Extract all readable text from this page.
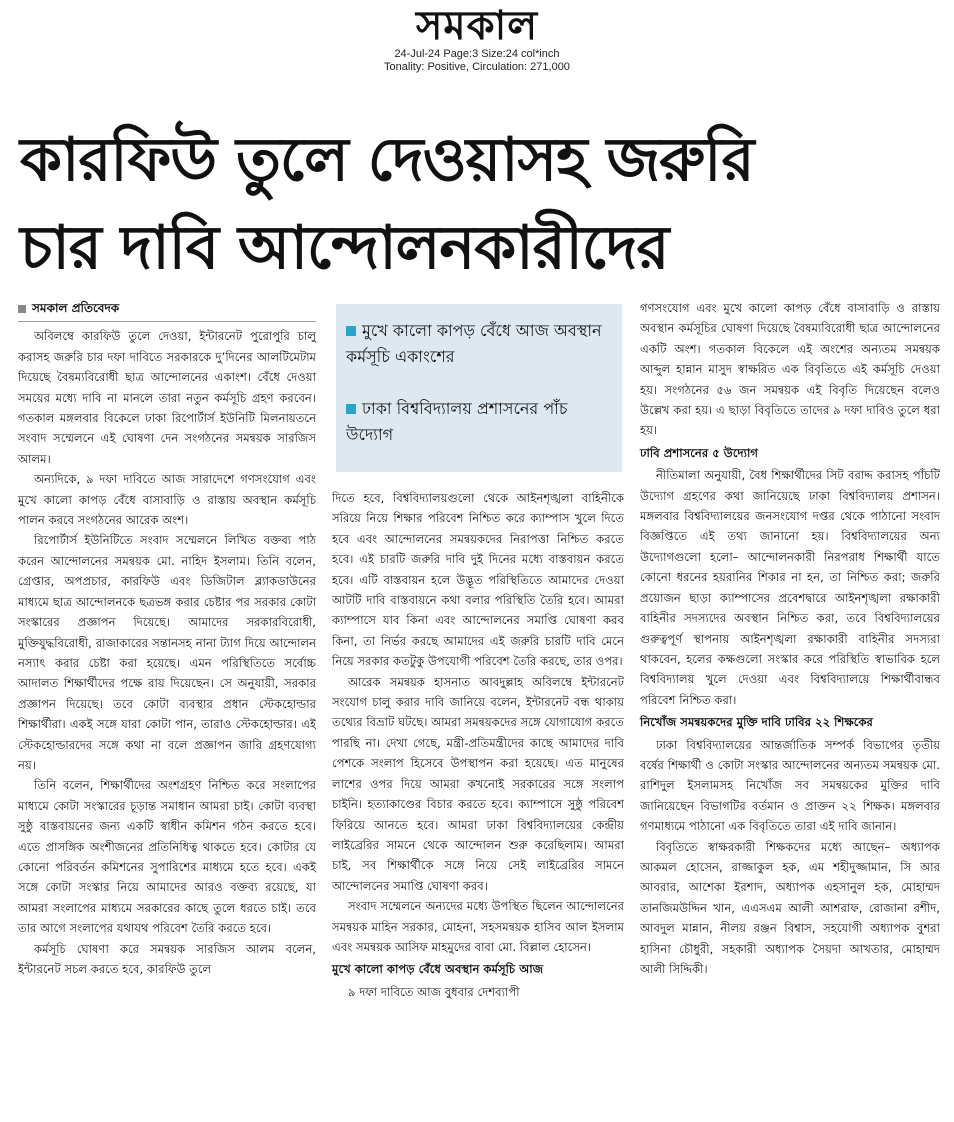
সমকাল
24-Jul-24 Page:3 Size:24 col*inch
Tonality: Positive, Circulation: 271,000
কারফিউ তুলে দেওয়াসহ জরুরি
চার দাবি আন্দোলনকারীদের
সমকাল প্রতিবেদক

অবিলম্বে কারফিউ তুলে দেওয়া, ইন্টারনেট পুরোপুরি চালু করাসহ জরুরি চার দফা দাবিতে সরকারকে দু’দিনের আলটিমেটাম দিয়েছে বৈষম্যবিরোধী ছাত্র আন্দোলনের একাংশ। বেঁধে দেওয়া সময়ের মধ্যে দাবি না মানলে তারা নতুন কর্মসূচি গ্রহণ করবেন। গতকাল মঙ্গলবার বিকেলে ঢাকা রিপোর্টার্স ইউনিটি মিলনায়তনে সংবাদ সম্মেলনে এই ঘোষণা দেন সংগঠনের সমন্বয়ক সারজিস আলম।

অন্যদিকে, ৯ দফা দাবিতে আজ সারাদেশে গণসংযোগ এবং মুখে কালো কাপড় বেঁধে বাসাবাড়ি ও রাস্তায় অবস্থান কর্মসূচি পালন করবে সংগঠনের আরেক অংশ।

রিপোর্টার্স ইউনিটিতে সংবাদ সম্মেলনে লিখিত বক্তব্য পাঠ করেন আন্দোলনের সমন্বয়ক মো. নাহিদ ইসলাম। তিনি বলেন, গ্রেপ্তার, অপপ্রচার, কারফিউ এবং ডিজিটাল ব্ল্যাকডাউনের মাধ্যমে ছাত্র আন্দোলনকে ছত্রভঙ্গ করার চেষ্টার পর সরকার কোটা সংস্কারের প্রজ্ঞাপন দিয়েছে। আমাদের সরকারবিরোধী, মুক্তিযুদ্ধবিরোধী, রাজাকারের সন্তানসহ নানা ট্যাগ দিয়ে আন্দোলন নস্যাৎ করার চেষ্টা করা হয়েছে। এমন পরিস্থিতিতে সর্বোচ্চ আদালত শিক্ষার্থীদের পক্ষে রায় দিয়েছেন। সে অনুযায়ী, সরকার প্রজ্ঞাপন দিয়েছে। তবে কোটা ব্যবস্থার প্রধান স্টেকহোল্ডার শিক্ষার্থীরা। একই সঙ্গে যারা কোটা পান, তারাও স্টেকহোল্ডার। এই স্টেকহোল্ডারদের সঙ্গে কথা না বলে প্রজ্ঞাপন জারি গ্রহণযোগ্য নয়।

তিনি বলেন, শিক্ষার্থীদের অংশগ্রহণ নিশ্চিত করে সংলাপের মাধ্যমে কোটা সংস্কারের চূড়ান্ত সমাধান আমরা চাই। কোটা ব্যবস্থা সুষ্ঠু বাস্তবায়নের জন্য একটি স্বাধীন কমিশন গঠন করতে হবে। এতে প্রাসঙ্গিক অংশীজনের প্রতিনিধিত্ব থাকতে হবে। কোটার যে কোনো পরিবর্তন কমিশনের সুপারিশের মাধ্যমে হতে হবে। একই সঙ্গে কোটা সংস্কার নিয়ে আমাদের আরও বক্তব্য রয়েছে, যা আমরা সংলাপের মাধ্যমে সরকারের কাছে তুলে ধরতে চাই। তবে তার আগে সংলাপের যথাযথ পরিবেশ তৈরি করতে হবে।

কর্মসূচি ঘোষণা করে সমন্বয়ক সারজিস আলম বলেন, ইন্টারনেট সচল করতে হবে, কারফিউ তুলে

মুখে কালো কাপড় বেঁধে আজ অবস্থান কর্মসূচি একাংশের
ঢাকা বিশ্ববিদ্যালয় প্রশাসনের পাঁচ উদ্যোগ

দিতে হবে, বিশ্ববিদ্যালয়গুলো থেকে আইনশৃঙ্খলা বাহিনীকে সরিয়ে নিয়ে শিক্ষার পরিবেশ নিশ্চিত করে ক্যাম্পাস খুলে দিতে হবে এবং আন্দোলনের সমন্বয়কদের নিরাপত্তা নিশ্চিত করতে হবে। এই চারটি জরুরি দাবি দুই দিনের মধ্যে বাস্তবায়ন করতে হবে। এটি বাস্তবায়ন হলে উদ্ভূত পরিস্থিতিতে আমাদের দেওয়া আটটি দাবি বাস্তবায়নে কথা বলার পরিস্থিতি তৈরি হবে। আমরা ক্যাম্পাসে যাব কিনা এবং আন্দোলনের সমাপ্তি ঘোষণা করব কিনা, তা নির্ভর করছে আমাদের এই জরুরি চারটি দাবি মেনে নিয়ে সরকার কতটুকু উপযোগী পরিবেশ তৈরি করছে, তার ওপর।

আরেক সমন্বয়ক হাসনাত আবদুল্লাহ অবিলম্বে ইন্টারনেট সংযোগ চালু করার দাবি জানিয়ে বলেন, ইন্টারনেট বন্ধ থাকায় তথ্যের বিভ্রাট ঘটছে। আমরা সমন্বয়কদের সঙ্গে যোগাযোগ করতে পারছি না। দেখা গেছে, মন্ত্রী-প্রতিমন্ত্রীদের কাছে আমাদের দাবি পেশকে সংলাপ হিসেবে উপস্থাপন করা হয়েছে। এত মানুষের লাশের ওপর দিয়ে আমরা কখনোই সরকারের সঙ্গে সংলাপ চাইনি। হত্যাকাণ্ডের বিচার করতে হবে। ক্যাম্পাসে সুষ্ঠু পরিবেশ ফিরিয়ে আনতে হবে। আমরা ঢাকা বিশ্ববিদ্যালয়ের কেন্দ্রীয় লাইব্রেরির সামনে থেকে আন্দোলন শুরু করেছিলাম। আমরা চাই, সব শিক্ষার্থীকে সঙ্গে নিয়ে সেই লাইব্রেরির সামনে আন্দোলনের সমাপ্তি ঘোষণা করব।

সংবাদ সম্মেলনে অন্যদের মধ্যে উপস্থিত ছিলেন আন্দোলনের সমন্বয়ক মাহিন সরকার, মোহনা, সহসমন্বয়ক হাসিব আল ইসলাম এবং সমন্বয়ক আসিফ মাহমুদের বাবা মো. বিল্লাল হোসেন।

মুখে কালো কাপড় বেঁধে অবস্থান কর্মসূচি আজ

৯ দফা দাবিতে আজ বুধবার দেশব্যাপী

গণসংযোগ এবং মুখে কালো কাপড় বেঁধে বাসাবাড়ি ও রাস্তায় অবস্থান কর্মসূচির ঘোষণা দিয়েছে বৈষম্যবিরোধী ছাত্র আন্দোলনের একটি অংশ। গতকাল বিকেলে এই অংশের অন্যতম সমন্বয়ক আব্দুল হান্নান মাসুদ স্বাক্ষরিত এক বিবৃতিতে এই কর্মসূচি দেওয়া হয়। সংগঠনের ৫৬ জন সমন্বয়ক এই বিবৃতি দিয়েছেন বলেও উল্লেখ করা হয়। এ ছাড়া বিবৃতিতে তাদের ৯ দফা দাবিও তুলে ধরা হয়।

ঢাবি প্রশাসনের ৫ উদ্যোগ

নীতিমালা অনুযায়ী, বৈধ শিক্ষার্থীদের সিট বরাদ্দ করাসহ পাঁচটি উদ্যোগ গ্রহণের কথা জানিয়েছে ঢাকা বিশ্ববিদ্যালয় প্রশাসন। মঙ্গলবার বিশ্ববিদ্যালয়ের জনসংযোগ দপ্তর থেকে পাঠানো সংবাদ বিজ্ঞপ্তিতে এই তথ্য জানানো হয়। বিশ্ববিদ্যালয়ের অন্য উদ্যোগগুলো হলো– আন্দোলনকারী নিরপরাধ শিক্ষার্থী যাতে কোনো ধরনের হয়রানির শিকার না হন, তা নিশ্চিত করা; জরুরি প্রয়োজন ছাড়া ক্যাম্পাসের প্রবেশদ্বারে আইনশৃঙ্খলা রক্ষাকারী বাহিনীর সদস্যদের অবস্থান নিশ্চিত করা, তবে বিশ্ববিদ্যালয়ের গুরুত্বপূর্ণ স্থাপনায় আইনশৃঙ্খলা রক্ষাকারী বাহিনীর সদস্যরা থাকবেন, হলের কক্ষগুলো সংস্কার করে পরিস্থিতি স্বাভাবিক হলে বিশ্ববিদ্যালয় খুলে দেওয়া এবং বিশ্ববিদ্যালয়ে শিক্ষার্থীবান্ধব পরিবেশ নিশ্চিত করা।

নিখোঁজ সমন্বয়কদের মুক্তি দাবি ঢাবির ২২ শিক্ষকের

ঢাকা বিশ্ববিদ্যালয়ের আন্তর্জাতিক সম্পর্ক বিভাগের তৃতীয় বর্ষের শিক্ষার্থী ও কোটা সংস্কার আন্দোলনের অন্যতম সমন্বয়ক মো. রাশিদুল ইসলামসহ নিখোঁজ সব সমন্বয়কের মুক্তির দাবি জানিয়েছেন বিভাগটির বর্তমান ও প্রাক্তন ২২ শিক্ষক। মঙ্গলবার গণমাধ্যমে পাঠানো এক বিবৃতিতে তারা এই দাবি জানান।

বিবৃতিতে স্বাক্ষরকারী শিক্ষকদের মধ্যে আছেন– অধ্যাপক আকমল হোসেন, রাজ্জাকুল হক, এম শহীদুজ্জামান, সি আর আবরার, আশেকা ইরশাদ, অধ্যাপক এহসানুল হক, মোহাম্মদ তানজিমউদ্দিন খান, এএসএম আলী আশরাফ, রোজানা রশীদ, আবদুল মান্নান, নীলয় রঞ্জন বিশ্বাস, সহযোগী অধ্যাপক বুশরা হাসিনা চৌধুরী, সহকারী অধ্যাপক সৈয়দা আখতার, মোহাম্মদ আলী সিদ্দিকী।
